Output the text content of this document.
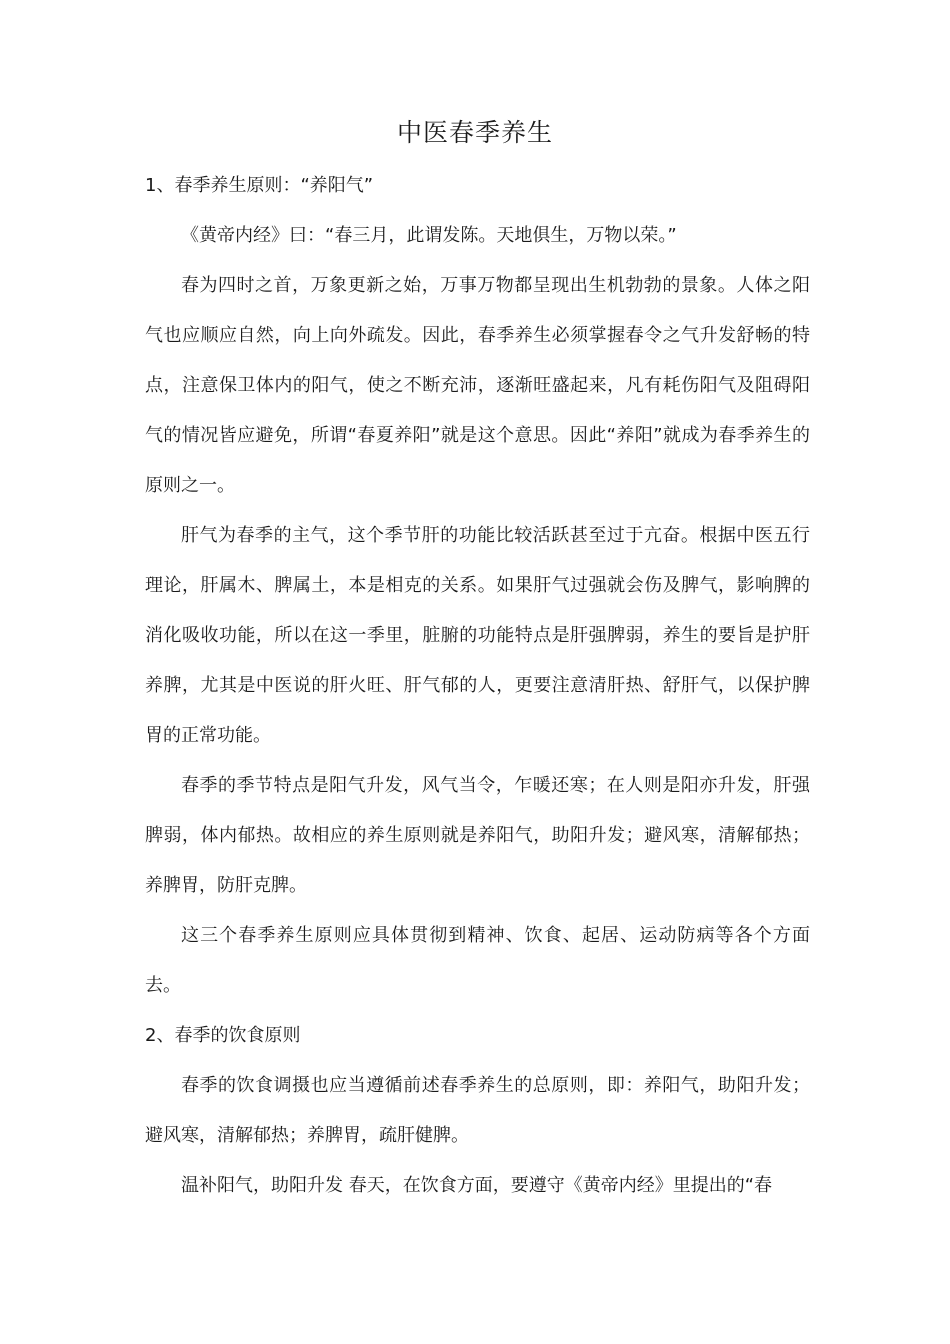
中医春季养生

1、春季养生原则：“养阳气”

《黄帝内经》曰：“春三月，此谓发陈。天地俱生，万物以荣。”

春为四时之首，万象更新之始，万事万物都呈现出生机勃勃的景象。人体之阳气也应顺应自然，向上向外疏发。因此，春季养生必须掌握春令之气升发舒畅的特点，注意保卫体内的阳气，使之不断充沛，逐渐旺盛起来，凡有耗伤阳气及阻碍阳气的情况皆应避免，所谓“春夏养阳”就是这个意思。因此“养阳”就成为春季养生的原则之一。

肝气为春季的主气，这个季节肝的功能比较活跃甚至过于亢奋。根据中医五行理论，肝属木、脾属土，本是相克的关系。如果肝气过强就会伤及脾气，影响脾的消化吸收功能，所以在这一季里，脏腑的功能特点是肝强脾弱，养生的要旨是护肝养脾，尤其是中医说的肝火旺、肝气郁的人，更要注意清肝热、舒肝气，以保护脾胃的正常功能。

春季的季节特点是阳气升发，风气当令，乍暖还寒；在人则是阳亦升发，肝强脾弱，体内郁热。故相应的养生原则就是养阳气，助阳升发；避风寒，清解郁热；养脾胃，防肝克脾。

这三个春季养生原则应具体贯彻到精神、饮食、起居、运动防病等各个方面去。

2、春季的饮食原则

春季的饮食调摄也应当遵循前述春季养生的总原则，即：养阳气，助阳升发；避风寒，清解郁热；养脾胃，疏肝健脾。

温补阳气，助阳升发 春天，在饮食方面，要遵守《黄帝内经》里提出的“春
